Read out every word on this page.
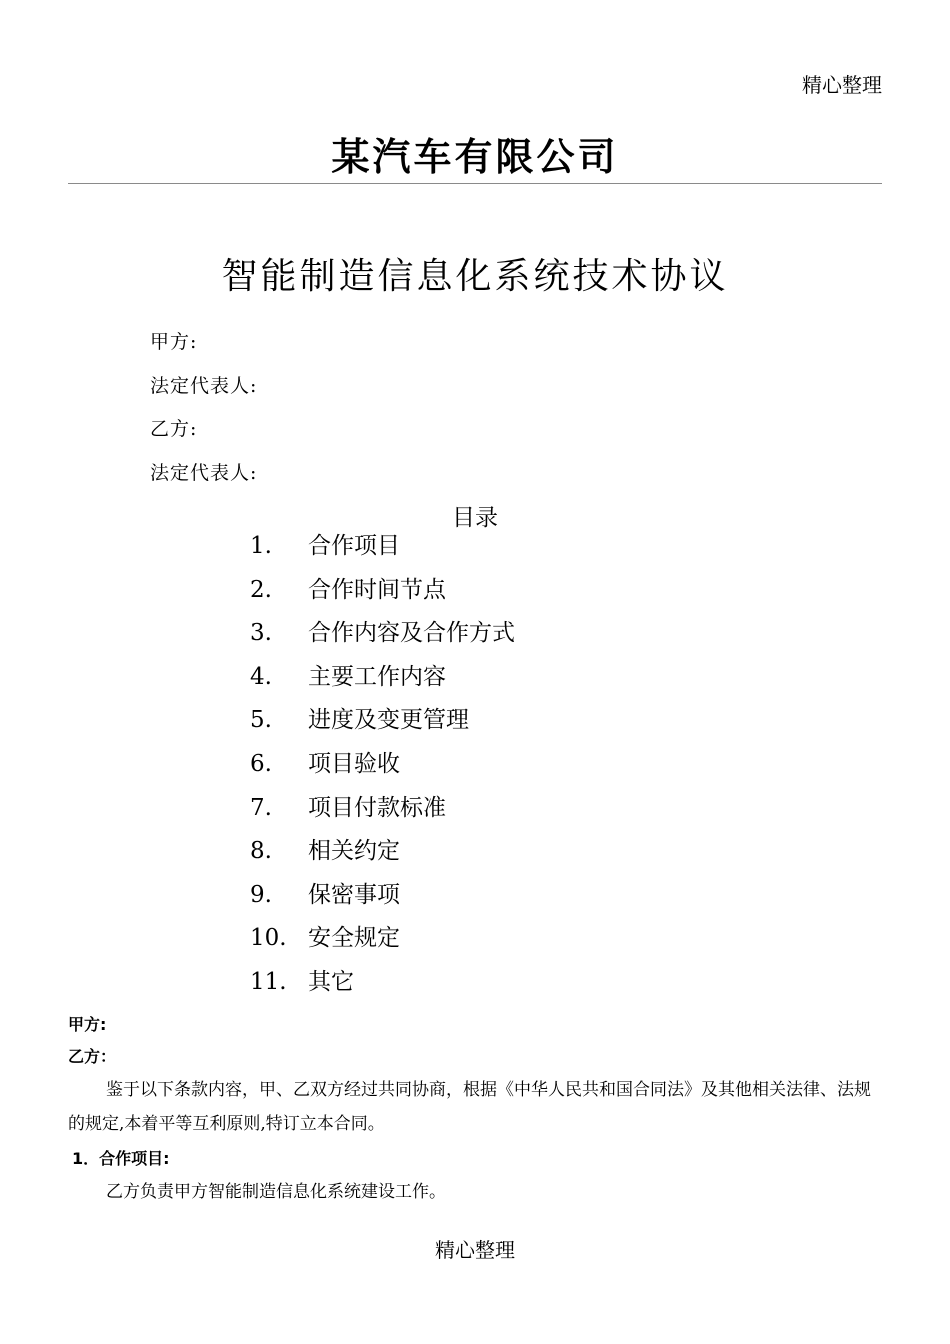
精心整理
某汽车有限公司
智能制造信息化系统技术协议
甲方:
法定代表人:
乙方:
法定代表人:
目录
1. 合作项目
2. 合作时间节点
3. 合作内容及合作方式
4. 主要工作内容
5. 进度及变更管理
6. 项目验收
7. 项目付款标准
8. 相关约定
9. 保密事项
10. 安全规定
11. 其它
甲方:
乙方：

鉴于以下条款内容，甲、乙双方经过共同协商，根据《中华人民共和国合同法》及其他相关法律、法规的规定,本着平等互利原则,特订立本合同。

1．合作项目:

乙方负责甲方智能制造信息化系统建设工作。

精心整理
